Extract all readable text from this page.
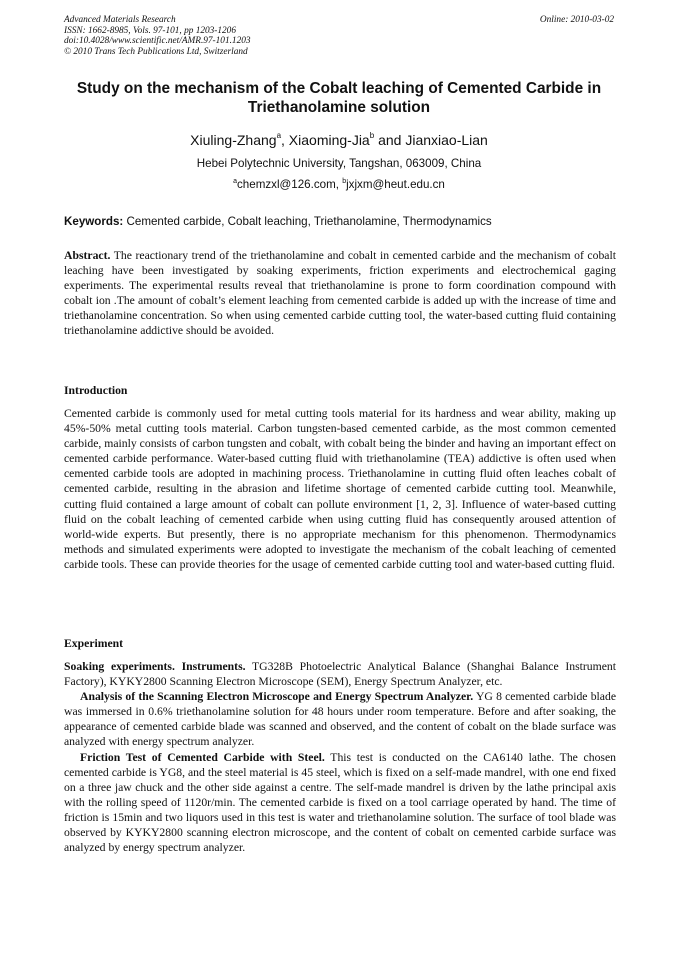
Advanced Materials Research
ISSN: 1662-8985, Vols. 97-101, pp 1203-1206
doi:10.4028/www.scientific.net/AMR.97-101.1203
© 2010 Trans Tech Publications Ltd, Switzerland
Online: 2010-03-02
Study on the mechanism of the Cobalt leaching of Cemented Carbide in Triethanolamine solution
Xiuling-Zhang$^a$, Xiaoming-Jia$^b$ and Jianxiao-Lian
Hebei Polytechnic University, Tangshan, 063009, China
$^a$chemzxl@126.com, $^b$jxjxm@heut.edu.cn
Keywords: Cemented carbide, Cobalt leaching, Triethanolamine, Thermodynamics

Abstract. The reactionary trend of the triethanolamine and cobalt in cemented carbide and the mechanism of cobalt leaching have been investigated by soaking experiments, friction experiments and electrochemical gaging experiments. The experimental results reveal that triethanolamine is prone to form coordination compound with cobalt ion .The amount of cobalt’s element leaching from cemented carbide is added up with the increase of time and triethanolamine concentration. So when using cemented carbide cutting tool, the water-based cutting fluid containing triethanolamine addictive should be avoided.

Introduction

Cemented carbide is commonly used for metal cutting tools material for its hardness and wear ability, making up 45%-50% metal cutting tools material. Carbon tungsten-based cemented carbide, as the most common cemented carbide, mainly consists of carbon tungsten and cobalt, with cobalt being the binder and having an important effect on cemented carbide performance. Water-based cutting fluid with triethanolamine (TEA) addictive is often used when cemented carbide tools are adopted in machining process. Triethanolamine in cutting fluid often leaches cobalt of cemented carbide, resulting in the abrasion and lifetime shortage of cemented carbide cutting tool. Meanwhile, cutting fluid contained a large amount of cobalt can pollute environment [1, 2, 3]. Influence of water-based cutting fluid on the cobalt leaching of cemented carbide when using cutting fluid has consequently aroused attention of world-wide experts. But presently, there is no appropriate mechanism for this phenomenon. Thermodynamics methods and simulated experiments were adopted to investigate the mechanism of the cobalt leaching of cemented carbide tools. These can provide theories for the usage of cemented carbide cutting tool and water-based cutting fluid.

Experiment

Soaking experiments. Instruments. TG328B Photoelectric Analytical Balance (Shanghai Balance Instrument Factory), KYKY2800 Scanning Electron Microscope (SEM), Energy Spectrum Analyzer, etc.

Analysis of the Scanning Electron Microscope and Energy Spectrum Analyzer. YG 8 cemented carbide blade was immersed in 0.6% triethanolamine solution for 48 hours under room temperature. Before and after soaking, the appearance of cemented carbide blade was scanned and observed, and the content of cobalt on the blade surface was analyzed with energy spectrum analyzer.

Friction Test of Cemented Carbide with Steel. This test is conducted on the CA6140 lathe. The chosen cemented carbide is YG8, and the steel material is 45 steel, which is fixed on a self-made mandrel, with one end fixed on a three jaw chuck and the other side against a centre. The self-made mandrel is driven by the lathe principal axis with the rolling speed of 1120r/min. The cemented carbide is fixed on a tool carriage operated by hand. The time of friction is 15min and two liquors used in this test is water and triethanolamine solution. The surface of tool blade was observed by KYKY2800 scanning electron microscope, and the content of cobalt on cemented carbide surface was analyzed by energy spectrum analyzer.
